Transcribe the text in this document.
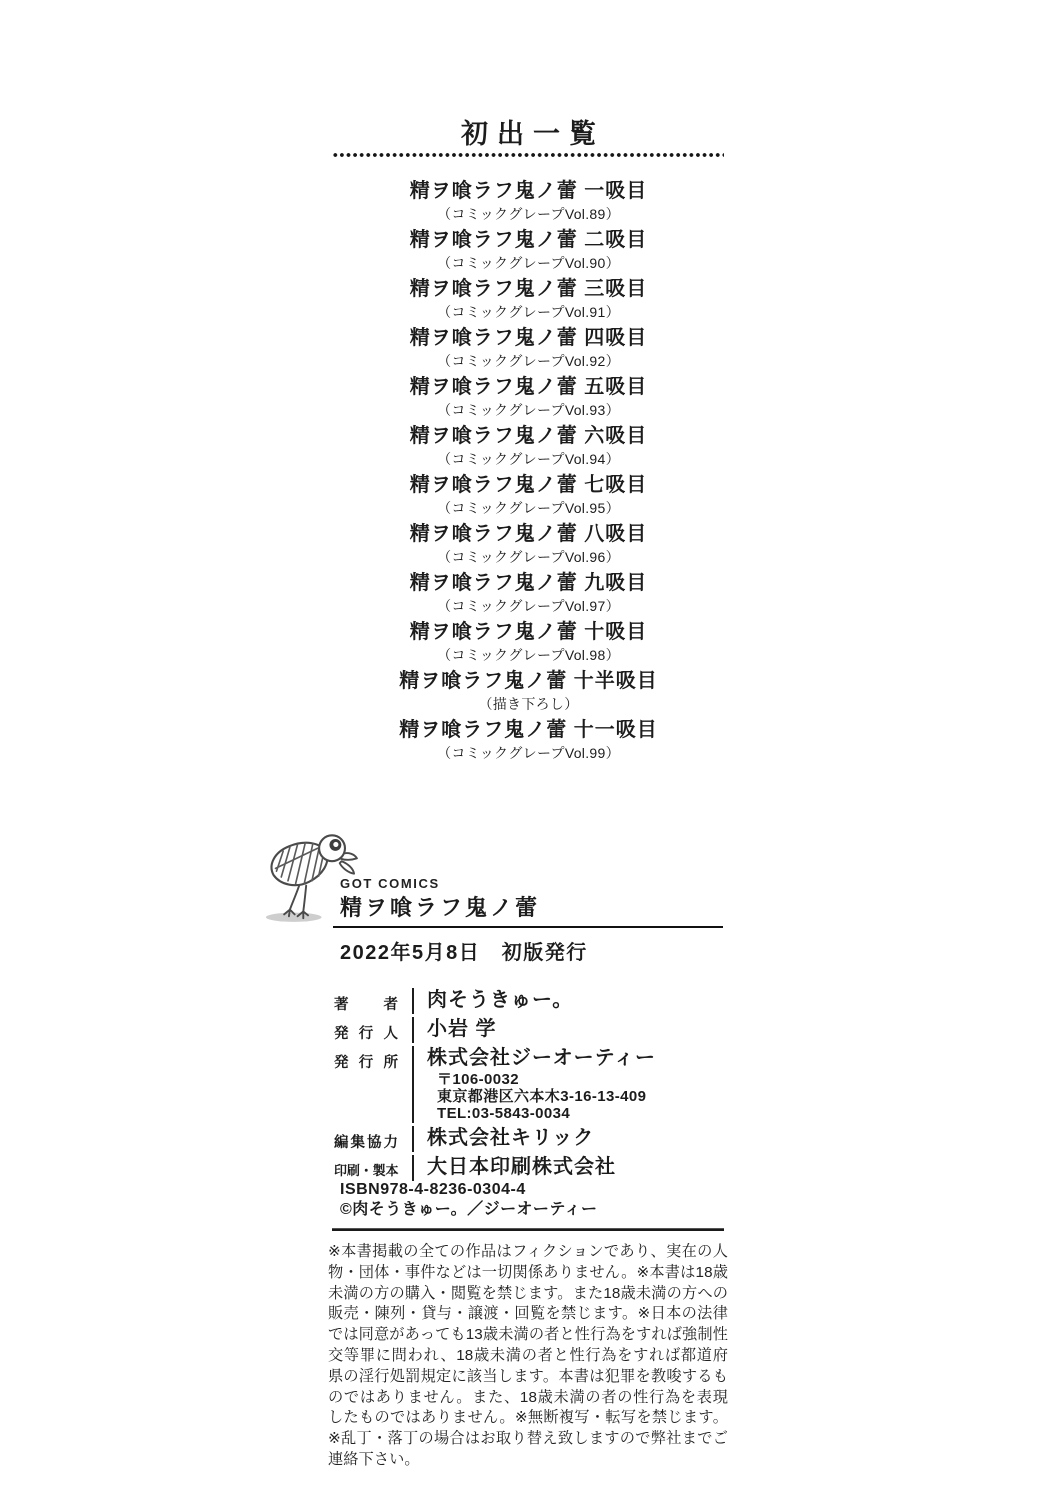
初出一覧
精ヲ喰ラフ鬼ノ蕾 一吸目
（コミックグレープVol.89）
精ヲ喰ラフ鬼ノ蕾 二吸目
（コミックグレープVol.90）
精ヲ喰ラフ鬼ノ蕾 三吸目
（コミックグレープVol.91）
精ヲ喰ラフ鬼ノ蕾 四吸目
（コミックグレープVol.92）
精ヲ喰ラフ鬼ノ蕾 五吸目
（コミックグレープVol.93）
精ヲ喰ラフ鬼ノ蕾 六吸目
（コミックグレープVol.94）
精ヲ喰ラフ鬼ノ蕾 七吸目
（コミックグレープVol.95）
精ヲ喰ラフ鬼ノ蕾 八吸目
（コミックグレープVol.96）
精ヲ喰ラフ鬼ノ蕾 九吸目
（コミックグレープVol.97）
精ヲ喰ラフ鬼ノ蕾 十吸目
（コミックグレープVol.98）
精ヲ喰ラフ鬼ノ蕾 十半吸目
（描き下ろし）
精ヲ喰ラフ鬼ノ蕾 十一吸目
（コミックグレープVol.99）
GOT COMICS
精ヲ喰ラフ鬼ノ蕾
2022年5月8日　初版発行
著者	肉そうきゅー。

発行人	小岩 学

発行所	株式会社ジーオーティー
〒106-0032
東京都港区六本木3-16-13-409
TEL:03-5843-0034

編集協力	株式会社キリック

印刷・製本	大日本印刷株式会社
ISBN978-4-8236-0304-4
©肉そうきゅー。／ジーオーティー

※本書掲載の全ての作品はフィクションであり、実在の人物・団体・事件などは一切関係ありません。※本書は18歳未満の方の購入・閲覧を禁じます。また18歳未満の方への販売・陳列・貸与・譲渡・回覧を禁じます。※日本の法律では同意があっても13歳未満の者と性行為をすれば強制性交等罪に問われ、18歳未満の者と性行為をすれば都道府県の淫行処罰規定に該当します。本書は犯罪を教唆するものではありません。また、18歳未満の者の性行為を表現したものではありません。※無断複写・転写を禁じます。※乱丁・落丁の場合はお取り替え致しますので弊社までご連絡下さい。
